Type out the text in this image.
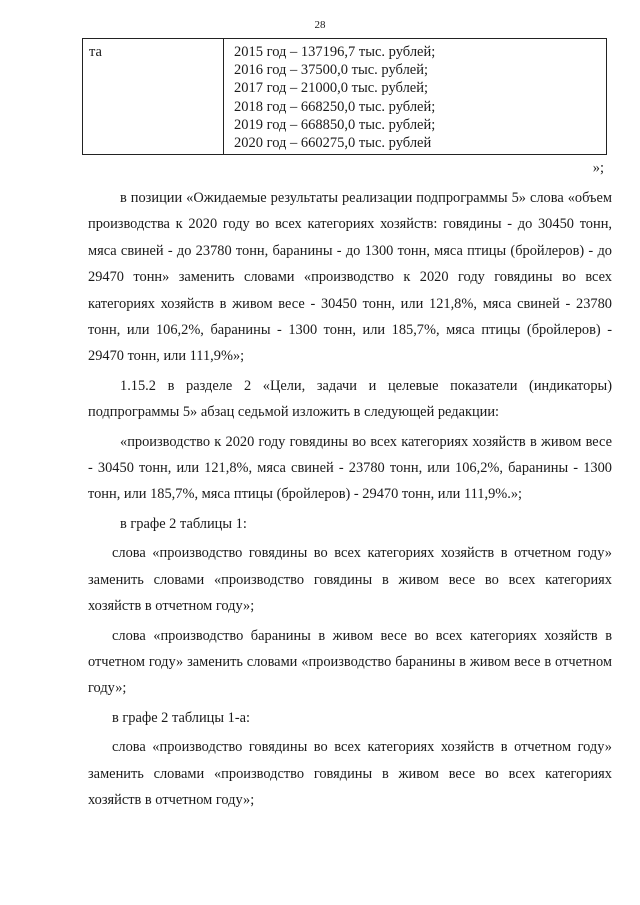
28
та	2015 год – 137196,7 тыс. рублей;
2016 год – 37500,0 тыс. рублей;
2017 год – 21000,0 тыс. рублей;
2018 год – 668250,0 тыс. рублей;
2019 год – 668850,0 тыс. рублей;
2020 год – 660275,0 тыс. рублей
»;

в позиции «Ожидаемые результаты реализации подпрограммы 5» слова «объем производства к 2020 году во всех категориях хозяйств: говядины - до 30450 тонн, мяса свиней - до 23780 тонн, баранины - до 1300 тонн, мяса птицы (бройлеров) - до 29470 тонн» заменить словами «производство к 2020 году говядины во всех категориях хозяйств в живом весе - 30450 тонн, или 121,8%, мяса свиней - 23780 тонн, или 106,2%, баранины - 1300 тонн, или 185,7%, мяса птицы (бройлеров) - 29470 тонн, или 111,9%»;

1.15.2 в разделе 2 «Цели, задачи и целевые показатели (индикаторы) подпрограммы 5» абзац седьмой изложить в следующей редакции:

«производство к 2020 году говядины во всех категориях хозяйств в живом весе - 30450 тонн, или 121,8%, мяса свиней - 23780 тонн, или 106,2%, баранины - 1300 тонн, или 185,7%, мяса птицы (бройлеров) - 29470 тонн, или 111,9%.»;

в графе 2 таблицы 1:

слова «производство говядины во всех категориях хозяйств в отчетном году» заменить словами «производство говядины в живом весе во всех категориях хозяйств в отчетном году»;

слова «производство баранины в живом весе во всех категориях хозяйств в отчетном году» заменить словами «производство баранины в живом весе в отчетном году»;

в графе 2 таблицы 1-а:

слова «производство говядины во всех категориях хозяйств в отчетном году» заменить словами «производство говядины в живом весе во всех категориях хозяйств в отчетном году»;
